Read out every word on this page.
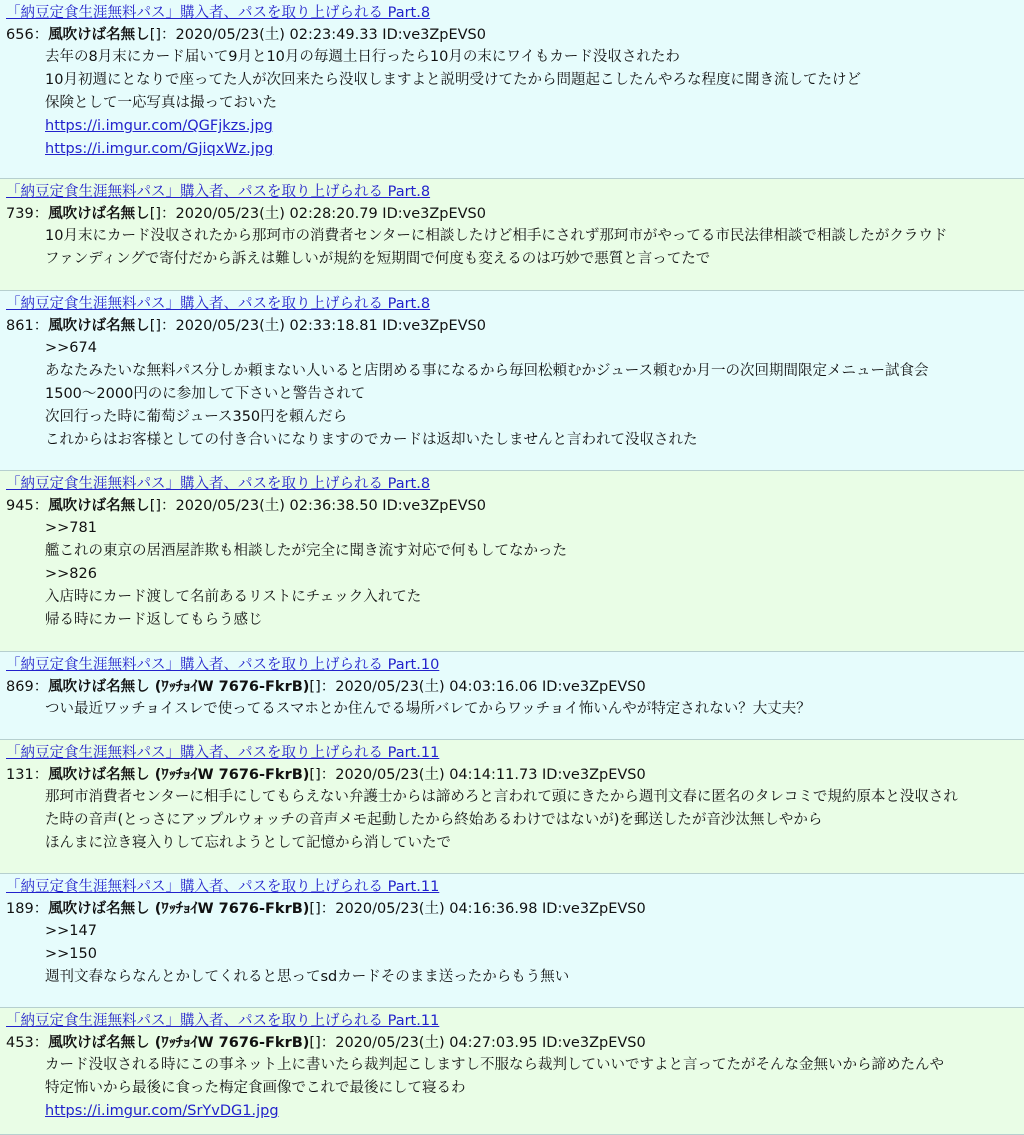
「納豆定食生涯無料パス」購入者、パスを取り上げられる Part.8
656：風吹けば名無し[]：2020/05/23(土) 02:23:49.33 ID:ve3ZpEVS0
去年の8月末にカード届いて9月と10月の毎週土日行ったら10月の末にワイもカード没収されたわ
10月初週にとなりで座ってた人が次回来たら没収しますよと説明受けてたから問題起こしたんやろな程度に聞き流してたけど
保険として一応写真は撮っておいた
https://i.imgur.com/QGFjkzs.jpg
https://i.imgur.com/GjiqxWz.jpg
「納豆定食生涯無料パス」購入者、パスを取り上げられる Part.8
739：風吹けば名無し[]：2020/05/23(土) 02:28:20.79 ID:ve3ZpEVS0
10月末にカード没収されたから那珂市の消費者センターに相談したけど相手にされず那珂市がやってる市民法律相談で相談したがクラウド
ファンディングで寄付だから訴えは難しいが規約を短期間で何度も変えるのは巧妙で悪質と言ってたで
「納豆定食生涯無料パス」購入者、パスを取り上げられる Part.8
861：風吹けば名無し[]：2020/05/23(土) 02:33:18.81 ID:ve3ZpEVS0
>>674
あなたみたいな無料パス分しか頼まない人いると店閉める事になるから毎回松頼むかジュース頼むか月一の次回期間限定メニュー試食会
1500〜2000円のに参加して下さいと警告されて
次回行った時に葡萄ジュース350円を頼んだら
これからはお客様としての付き合いになりますのでカードは返却いたしませんと言われて没収された
「納豆定食生涯無料パス」購入者、パスを取り上げられる Part.8
945：風吹けば名無し[]：2020/05/23(土) 02:36:38.50 ID:ve3ZpEVS0
>>781
艦これの東京の居酒屋詐欺も相談したが完全に聞き流す対応で何もしてなかった
>>826
入店時にカード渡して名前あるリストにチェック入れてた
帰る時にカード返してもらう感じ
「納豆定食生涯無料パス」購入者、パスを取り上げられる Part.10
869：風吹けば名無し (ﾜｯﾁｮｲW 7676-FkrB)[]：2020/05/23(土) 04:03:16.06 ID:ve3ZpEVS0
つい最近ワッチョイスレで使ってるスマホとか住んでる場所バレてからワッチョイ怖いんやが特定されない？大丈夫？
「納豆定食生涯無料パス」購入者、パスを取り上げられる Part.11
131：風吹けば名無し (ﾜｯﾁｮｲW 7676-FkrB)[]：2020/05/23(土) 04:14:11.73 ID:ve3ZpEVS0
那珂市消費者センターに相手にしてもらえない弁護士からは諦めろと言われて頭にきたから週刊文春に匿名のタレコミで規約原本と没収され
た時の音声(とっさにアップルウォッチの音声メモ起動したから終始あるわけではないが)を郵送したが音沙汰無しやから
ほんまに泣き寝入りして忘れようとして記憶から消していたで
「納豆定食生涯無料パス」購入者、パスを取り上げられる Part.11
189：風吹けば名無し (ﾜｯﾁｮｲW 7676-FkrB)[]：2020/05/23(土) 04:16:36.98 ID:ve3ZpEVS0
>>147
>>150
週刊文春ならなんとかしてくれると思ってsdカードそのまま送ったからもう無い
「納豆定食生涯無料パス」購入者、パスを取り上げられる Part.11
453：風吹けば名無し (ﾜｯﾁｮｲW 7676-FkrB)[]：2020/05/23(土) 04:27:03.95 ID:ve3ZpEVS0
カード没収される時にこの事ネット上に書いたら裁判起こしますし不服なら裁判していいですよと言ってたがそんな金無いから諦めたんや
特定怖いから最後に食った梅定食画像でこれで最後にして寝るわ
https://i.imgur.com/SrYvDG1.jpg
